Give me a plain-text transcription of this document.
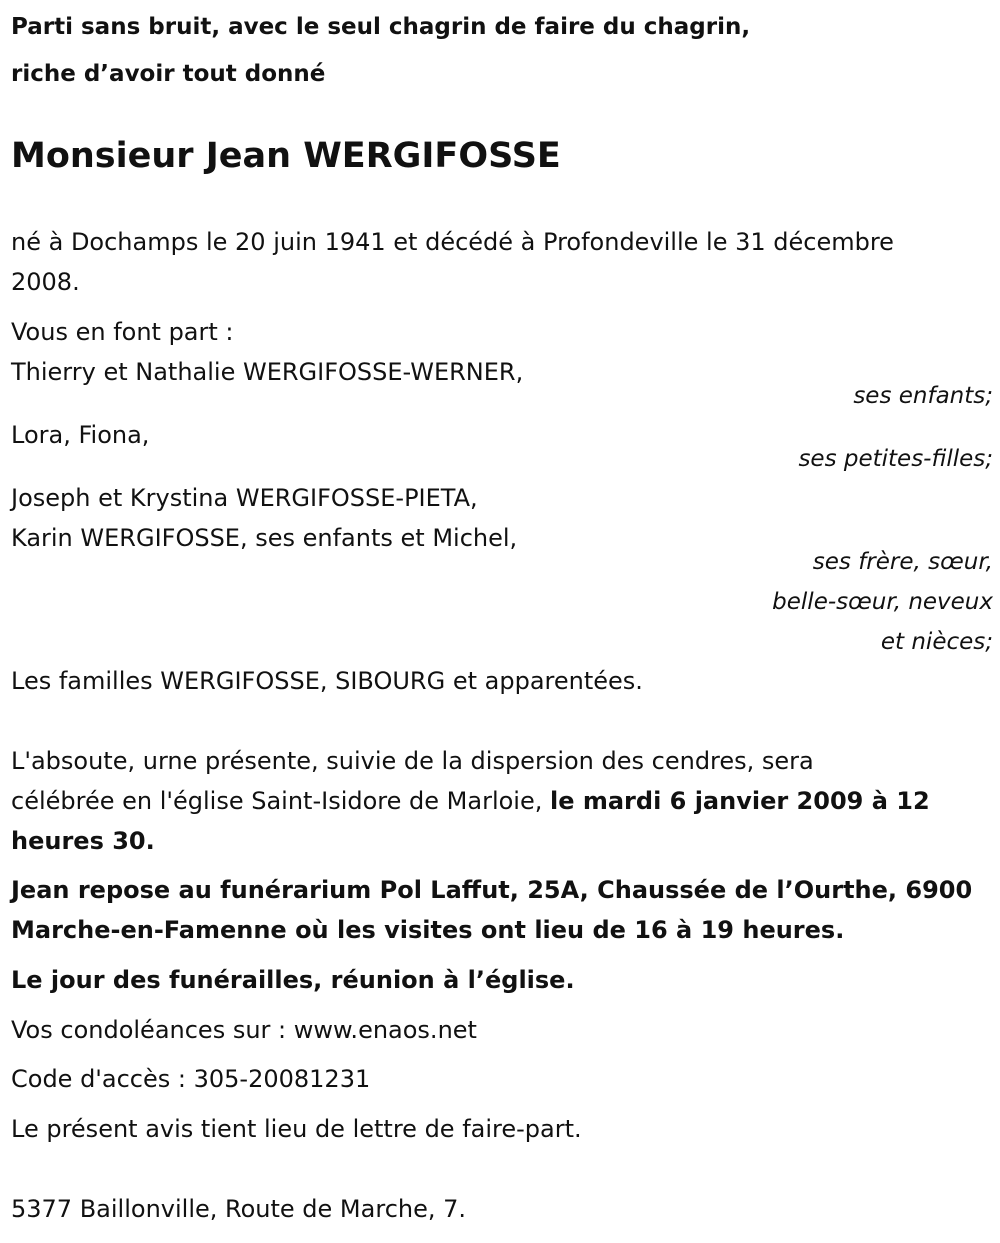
Parti sans bruit, avec le seul chagrin de faire du chagrin,
riche d’avoir tout donné
Monsieur Jean WERGIFOSSE
né à Dochamps le 20 juin 1941 et décédé à Profondeville le 31 décembre
2008.
Vous en font part :
Thierry et Nathalie WERGIFOSSE-WERNER,
ses enfants;
Lora, Fiona,
ses petites-filles;
Joseph et Krystina WERGIFOSSE-PIETA,
Karin WERGIFOSSE, ses enfants et Michel,
ses frère, sœur,
belle-sœur, neveux
et nièces;
Les familles WERGIFOSSE, SIBOURG et apparentées.
L'absoute, urne présente, suivie de la dispersion des cendres, sera
célébrée en l'église Saint-Isidore de Marloie, le mardi 6 janvier 2009 à 12
heures 30.
Jean repose au funérarium Pol Laffut, 25A, Chaussée de l’Ourthe, 6900
Marche-en-Famenne où les visites ont lieu de 16 à 19 heures.
Le jour des funérailles, réunion à l’église.
Vos condoléances sur : www.enaos.net
Code d'accès : 305-20081231
Le présent avis tient lieu de lettre de faire-part.
5377 Baillonville, Route de Marche, 7.
